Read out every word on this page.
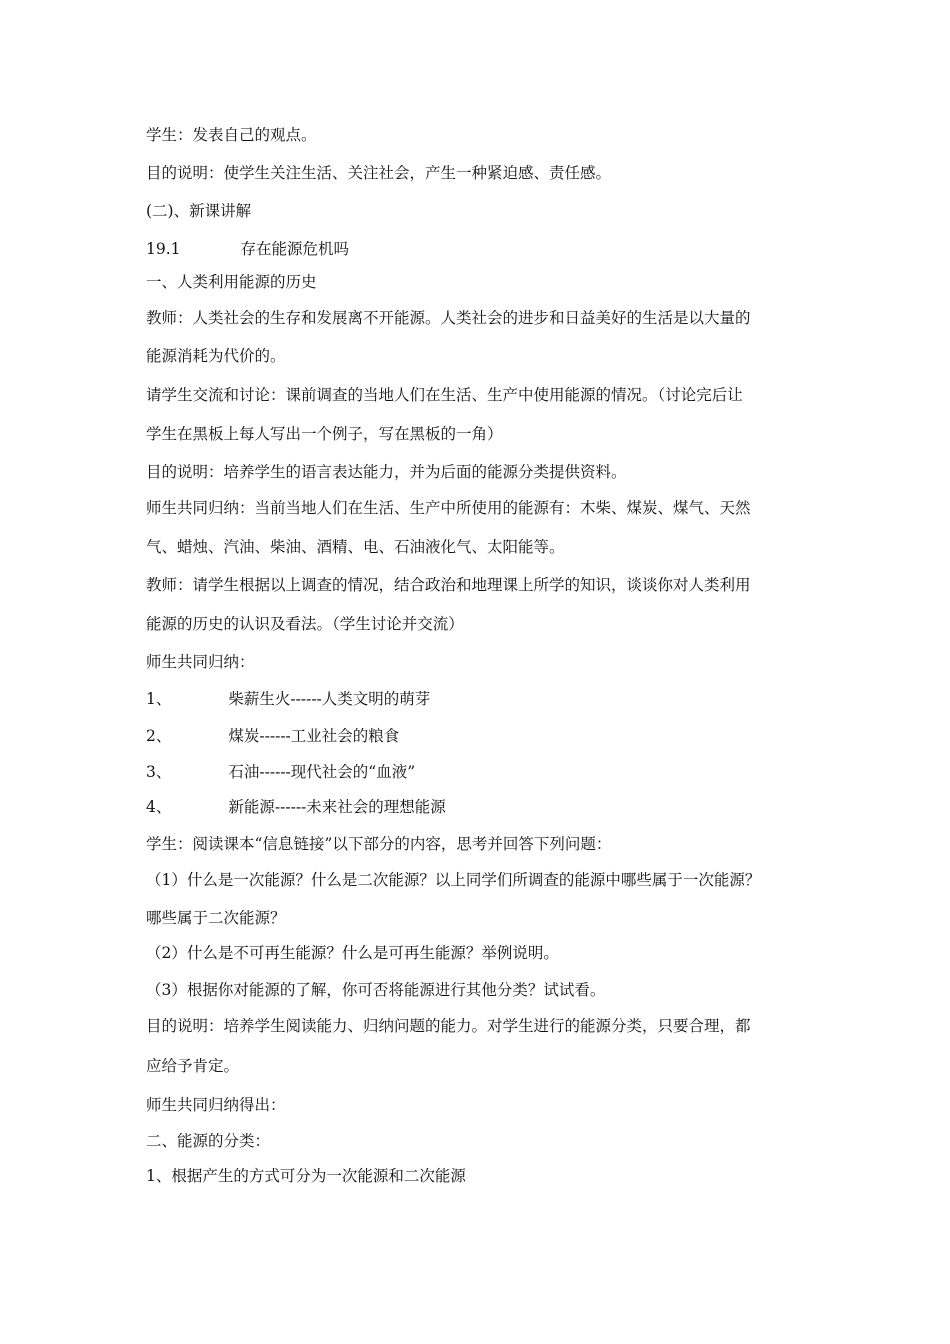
学生：发表自己的观点。
目的说明：使学生关注生活、关注社会，产生一种紧迫感、责任感。
(二)、新课讲解
19.1	存在能源危机吗
一、人类利用能源的历史
教师：人类社会的生存和发展离不开能源。人类社会的进步和日益美好的生活是以大量的
能源消耗为代价的。
请学生交流和讨论：课前调查的当地人们在生活、生产中使用能源的情况。（讨论完后让
学生在黑板上每人写出一个例子，写在黑板的一角）
目的说明：培养学生的语言表达能力，并为后面的能源分类提供资料。
师生共同归纳：当前当地人们在生活、生产中所使用的能源有：木柴、煤炭、煤气、天然
气、蜡烛、汽油、柴油、酒精、电、石油液化气、太阳能等。
教师：请学生根据以上调查的情况，结合政治和地理课上所学的知识，谈谈你对人类利用
能源的历史的认识及看法。（学生讨论并交流）
师生共同归纳：
1、	柴薪生火------人类文明的萌芽
2、	煤炭------工业社会的粮食
3、	石油------现代社会的“血液”
4、	新能源------未来社会的理想能源
学生：阅读课本“信息链接”以下部分的内容，思考并回答下列问题：
（1）什么是一次能源？什么是二次能源？以上同学们所调查的能源中哪些属于一次能源？
哪些属于二次能源？
（2）什么是不可再生能源？什么是可再生能源？举例说明。
（3）根据你对能源的了解，你可否将能源进行其他分类？试试看。
目的说明：培养学生阅读能力、归纳问题的能力。对学生进行的能源分类，只要合理，都
应给予肯定。
师生共同归纳得出：
二、能源的分类：
1、根据产生的方式可分为一次能源和二次能源
